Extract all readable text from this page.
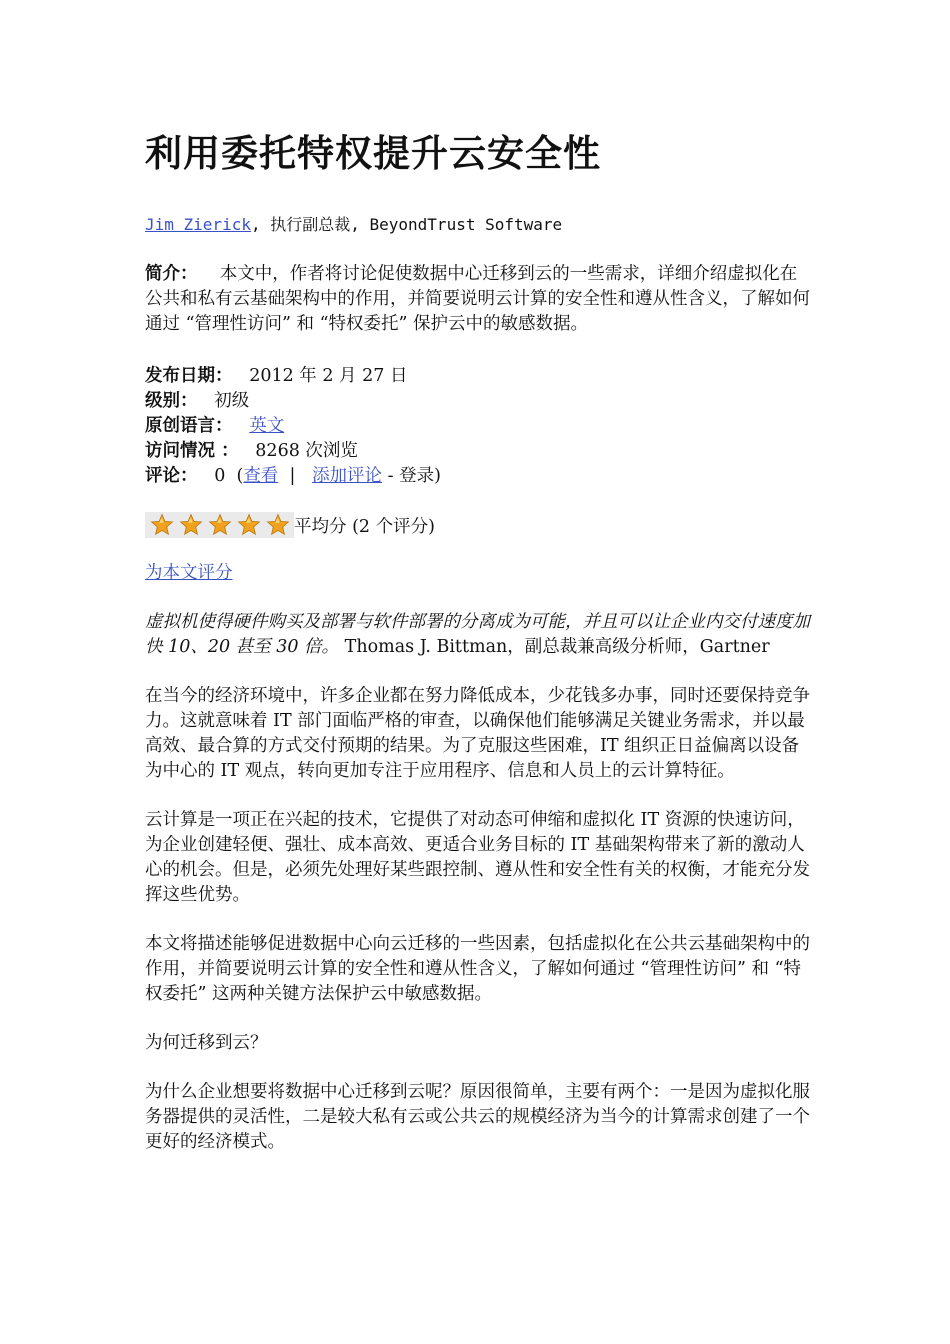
利用委托特权提升云安全性
Jim Zierick, 执行副总裁, BeyondTrust Software

简介： 本文中，作者将讨论促使数据中心迁移到云的一些需求，详细介绍虚拟化在公共和私有云基础架构中的作用，并简要说明云计算的安全性和遵从性含义，了解如何通过 “管理性访问” 和 “特权委托” 保护云中的敏感数据。

发布日期： 2012 年 2 月 27 日
级别： 初级
原创语言： 英文
访问情况 ： 8268 次浏览
评论： 0 (查看 | 添加评论 - 登录)
平均分 (2 个评分)
为本文评分

虚拟机使得硬件购买及部署与软件部署的分离成为可能，并且可以让企业内交付速度加快 10、20 甚至 30 倍。 Thomas J. Bittman，副总裁兼高级分析师，Gartner

在当今的经济环境中，许多企业都在努力降低成本，少花钱多办事，同时还要保持竞争力。这就意味着 IT 部门面临严格的审查，以确保他们能够满足关键业务需求，并以最高效、最合算的方式交付预期的结果。为了克服这些困难，IT 组织正日益偏离以设备为中心的 IT 观点，转向更加专注于应用程序、信息和人员上的云计算特征。

云计算是一项正在兴起的技术，它提供了对动态可伸缩和虚拟化 IT 资源的快速访问，为企业创建轻便、强壮、成本高效、更适合业务目标的 IT 基础架构带来了新的激动人心的机会。但是，必须先处理好某些跟控制、遵从性和安全性有关的权衡，才能充分发挥这些优势。

本文将描述能够促进数据中心向云迁移的一些因素，包括虚拟化在公共云基础架构中的作用，并简要说明云计算的安全性和遵从性含义，了解如何通过 “管理性访问” 和 “特权委托” 这两种关键方法保护云中敏感数据。

为何迁移到云？

为什么企业想要将数据中心迁移到云呢？原因很简单，主要有两个：一是因为虚拟化服务器提供的灵活性，二是较大私有云或公共云的规模经济为当今的计算需求创建了一个更好的经济模式。
